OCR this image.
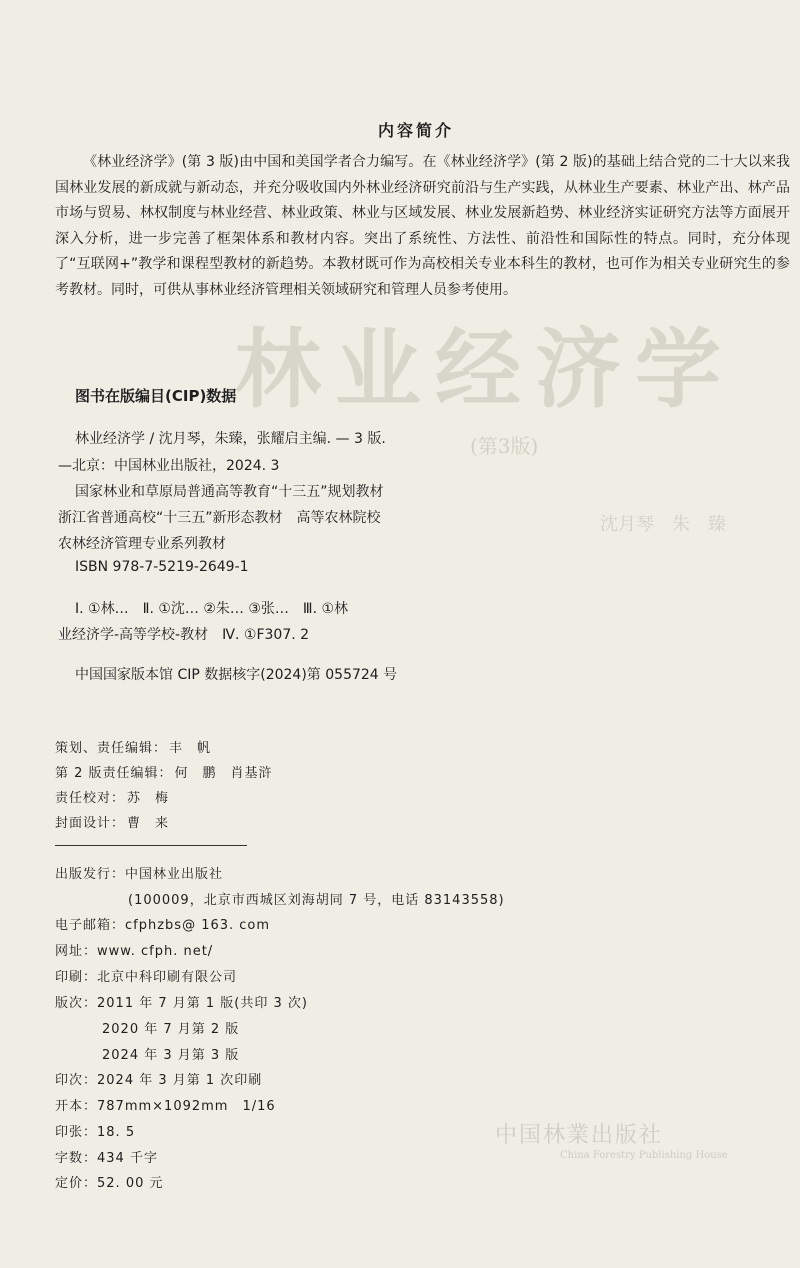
林业经济学
(第3版)
沈月琴　朱　臻
中国林業出版社
China Forestry Publishing House
内容简介
《林业经济学》(第 3 版)由中国和美国学者合力编写。在《林业经济学》(第 2 版)的基础上结合党的二十大以来我国林业发展的新成就与新动态，并充分吸收国内外林业经济研究前沿与生产实践，从林业生产要素、林业产出、林产品市场与贸易、林权制度与林业经营、林业政策、林业与区域发展、林业发展新趋势、林业经济实证研究方法等方面展开深入分析，进一步完善了框架体系和教材内容。突出了系统性、方法性、前沿性和国际性的特点。同时，充分体现了“互联网+”教学和课程型教材的新趋势。本教材既可作为高校相关专业本科生的教材，也可作为相关专业研究生的参考教材。同时，可供从事林业经济管理相关领域研究和管理人员参考使用。
图书在版编目(CIP)数据
林业经济学 / 沈月琴，朱臻，张耀启主编. — 3 版.
—北京：中国林业出版社，2024. 3
国家林业和草原局普通高等教育“十三五”规划教材
浙江省普通高校“十三五”新形态教材　高等农林院校
农林经济管理专业系列教材
ISBN 978-7-5219-2649-1
Ⅰ. ①林…　Ⅱ. ①沈… ②朱… ③张…　Ⅲ. ①林
业经济学-高等学校-教材　Ⅳ. ①F307. 2
中国国家版本馆 CIP 数据核字(2024)第 055724 号
策划、责任编辑： 丰　帆
第 2 版责任编辑： 何　鹏　肖基浒
责任校对： 苏　梅
封面设计： 曹　来
出版发行：中国林业出版社
(100009，北京市西城区刘海胡同 7 号，电话 83143558)
电子邮箱：cfphzbs@ 163. com
网址：www. cfph. net/
印刷：北京中科印刷有限公司
版次：2011 年 7 月第 1 版(共印 3 次)
2020 年 7 月第 2 版
2024 年 3 月第 3 版
印次：2024 年 3 月第 1 次印刷
开本：787mm×1092mm　1/16
印张：18. 5
字数：434 千字
定价：52. 00 元
